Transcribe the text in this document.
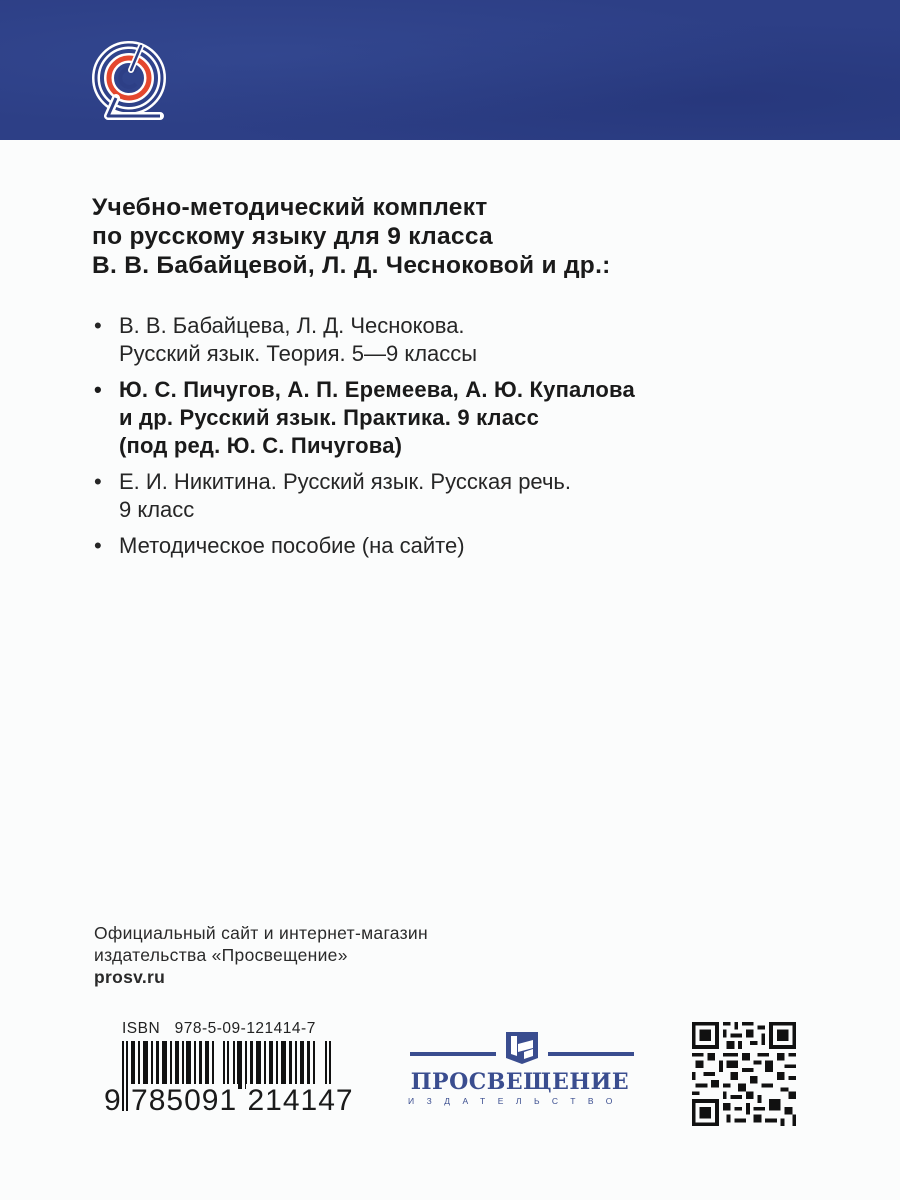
Учебно-методический комплект
по русскому языку для 9 класса
В. В. Бабайцевой, Л. Д. Чесноковой и др.:
• В. В. Бабайцева, Л. Д. Чеснокова.
Русский язык. Теория. 5—9 классы
• Ю. С. Пичугов, А. П. Еремеева, А. Ю. Купалова
и др. Русский язык. Практика. 9 класс
(под ред. Ю. С. Пичугова)
• Е. И. Никитина. Русский язык. Русская речь.
9 класс
• Методическое пособие (на сайте)
Официальный сайт и интернет-магазин
издательства «Просвещение»
prosv.ru
ISBN 978-5-09-121414-7
9 785091 214147
ПРОСВЕЩЕНИЕ
ИЗДАТЕЛЬСТВО
